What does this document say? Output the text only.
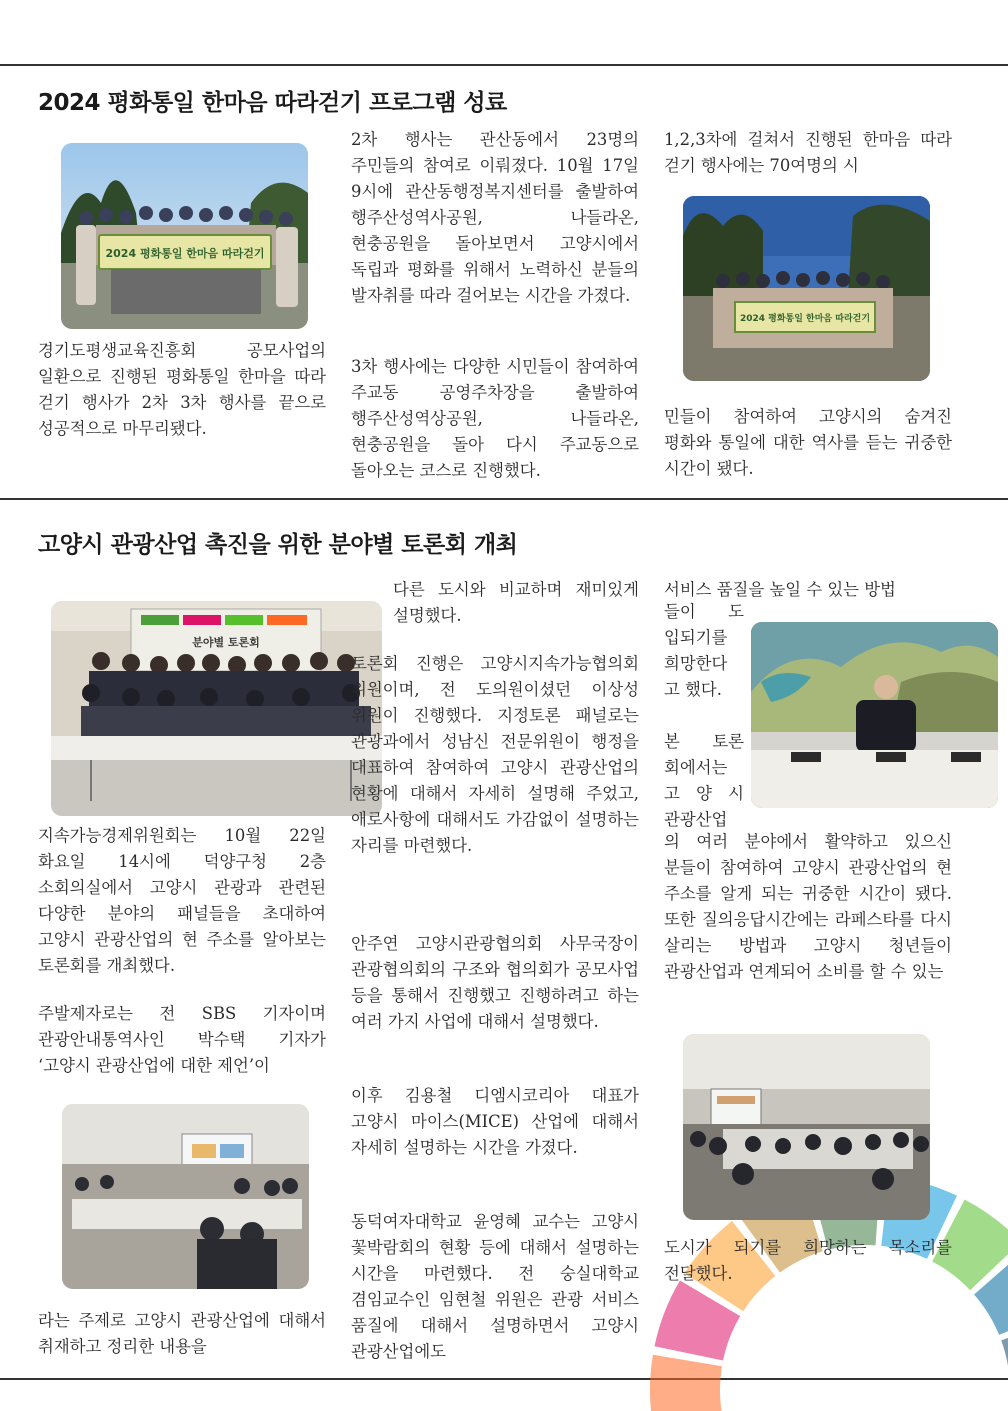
2024 평화통일 한마음 따라걷기 프로그램 성료
2024 평화통일 한마음 따라걷기

경기도평생교육진흥회 공모사업의 일환으로 진행된 평화통일 한마을 따라 걷기 행사가 2차 3차 행사를 끝으로 성공적으로 마무리됐다.

2차 행사는 관산동에서 23명의 주민들의 참여로 이뤄졌다. 10월 17일 9시에 관산동행정복지센터를 출발하여 행주산성역사공원, 나들라온, 현충공원을 돌아보면서 고양시에서 독립과 평화를 위해서 노력하신 분들의 발자취를 따라 걸어보는 시간을 가졌다.

3차 행사에는 다양한 시민들이 참여하여 주교동 공영주차장을 출발하여 행주산성역상공원, 나들라온, 현충공원을 돌아 다시 주교동으로 돌아오는 코스로 진행했다.

1,2,3차에 걸쳐서 진행된 한마음 따라 걷기 행사에는 70여명의 시

2024 평화통일 한마음 따라걷기

민들이 참여하여 고양시의 숨겨진 평화와 통일에 대한 역사를 듣는 귀중한 시간이 됐다.

고양시 관광산업 촉진을 위한 분야별 토론회 개최
분야별 토론회

지속가능경제위원회는 10월 22일 화요일 14시에 덕양구청 2층 소회의실에서 고양시 관광과 관련된 다양한 분야의 패널들을 초대하여 고양시 관광산업의 현 주소를 알아보는 토론회를 개최했다.

주발제자로는 전 SBS 기자이며 관광안내통역사인 박수택 기자가 ‘고양시 관광산업에 대한 제언’이

라는 주제로 고양시 관광산업에 대해서 취재하고 정리한 내용을

다른 도시와 비교하며 재미있게 설명했다.

토론회 진행은 고양시지속가능협의회 위원이며, 전 도의원이셨던 이상성 위원이 진행했다. 지정토론 패널로는 관광과에서 성남신 전문위원이 행정을 대표하여 참여하여 고양시 관광산업의 현황에 대해서 자세히 설명해 주었고, 애로사항에 대해서도 가감없이 설명하는 자리를 마련했다.

안주연 고양시관광협의회 사무국장이 관광협의회의 구조와 협의회가 공모사업 등을 통해서 진행했고 진행하려고 하는 여러 가지 사업에 대해서 설명했다.

이후 김용철 디엠시코리아 대표가 고양시 마이스(MICE) 산업에 대해서 자세히 설명하는 시간을 가졌다.

동덕여자대학교 윤영혜 교수는 고양시 꽃박람회의 현황 등에 대해서 설명하는 시간을 마련했다. 전 숭실대학교 겸임교수인 임현철 위원은 관광 서비스 품질에 대해서 설명하면서 고양시 관광산업에도

서비스 품질을 높일 수 있는 방법

들이 도
입되기를
희망한다
고 했다.
본 토론
회에서는
고 양 시
관광산업

의 여러 분야에서 활약하고 있으신 분들이 참여하여 고양시 관광산업의 현 주소를 알게 되는 귀중한 시간이 됐다. 또한 질의응답시간에는 라페스타를 다시 살리는 방법과 고양시 청년들이 관광산업과 연계되어 소비를 할 수 있는

도시가 되기를 희망하는 목소리를 전달했다.
